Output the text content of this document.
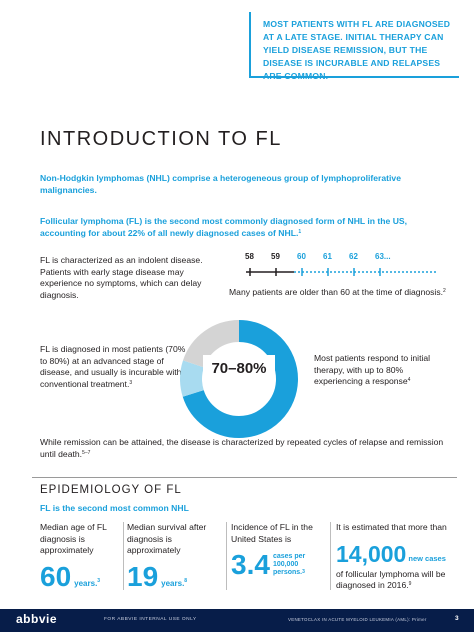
MOST PATIENTS WITH FL ARE DIAGNOSED AT A LATE STAGE. INITIAL THERAPY CAN YIELD DISEASE REMISSION, BUT THE DISEASE IS INCURABLE AND RELAPSES ARE COMMON.

INTRODUCTION TO FL

Non-Hodgkin lymphomas (NHL) comprise a heterogeneous group of lymphoproliferative malignancies.

Follicular lymphoma (FL) is the second most commonly diagnosed form of NHL in the US, accounting for about 22% of all newly diagnosed cases of NHL.$^1$

FL is characterized as an indolent disease. Patients with early stage disease may experience no symptoms, which can delay diagnosis.

58 59 60 61 62 63...

Many patients are older than 60 at the time of diagnosis.$^2$

FL is diagnosed in most patients (70% to 80%) at an advanced stage of disease, and usually is incurable with conventional treatment.$^3$

70–80%

Most patients respond to initial therapy, with up to 80% experiencing a response$^4$

While remission can be attained, the disease is characterized by repeated cycles of relapse and remission until death.$^{5-7}$

EPIDEMIOLOGY OF FL

FL is the second most common NHL

Median age of FL diagnosis is approximately

60 years.$^3$

Median survival after diagnosis is approximately

19 years.$^8$

Incidence of FL in the United States is

3.4 cases per
100,000 persons.$^3$

It is estimated that more than

14,000 new cases

of follicular lymphoma will be diagnosed in 2016.$^9$

abbvie	FOR ABBVIE INTERNAL USE ONLY	VENETOCLAX IN ACUTE MYELOID LEUKEMIA (AML): Primer	3
